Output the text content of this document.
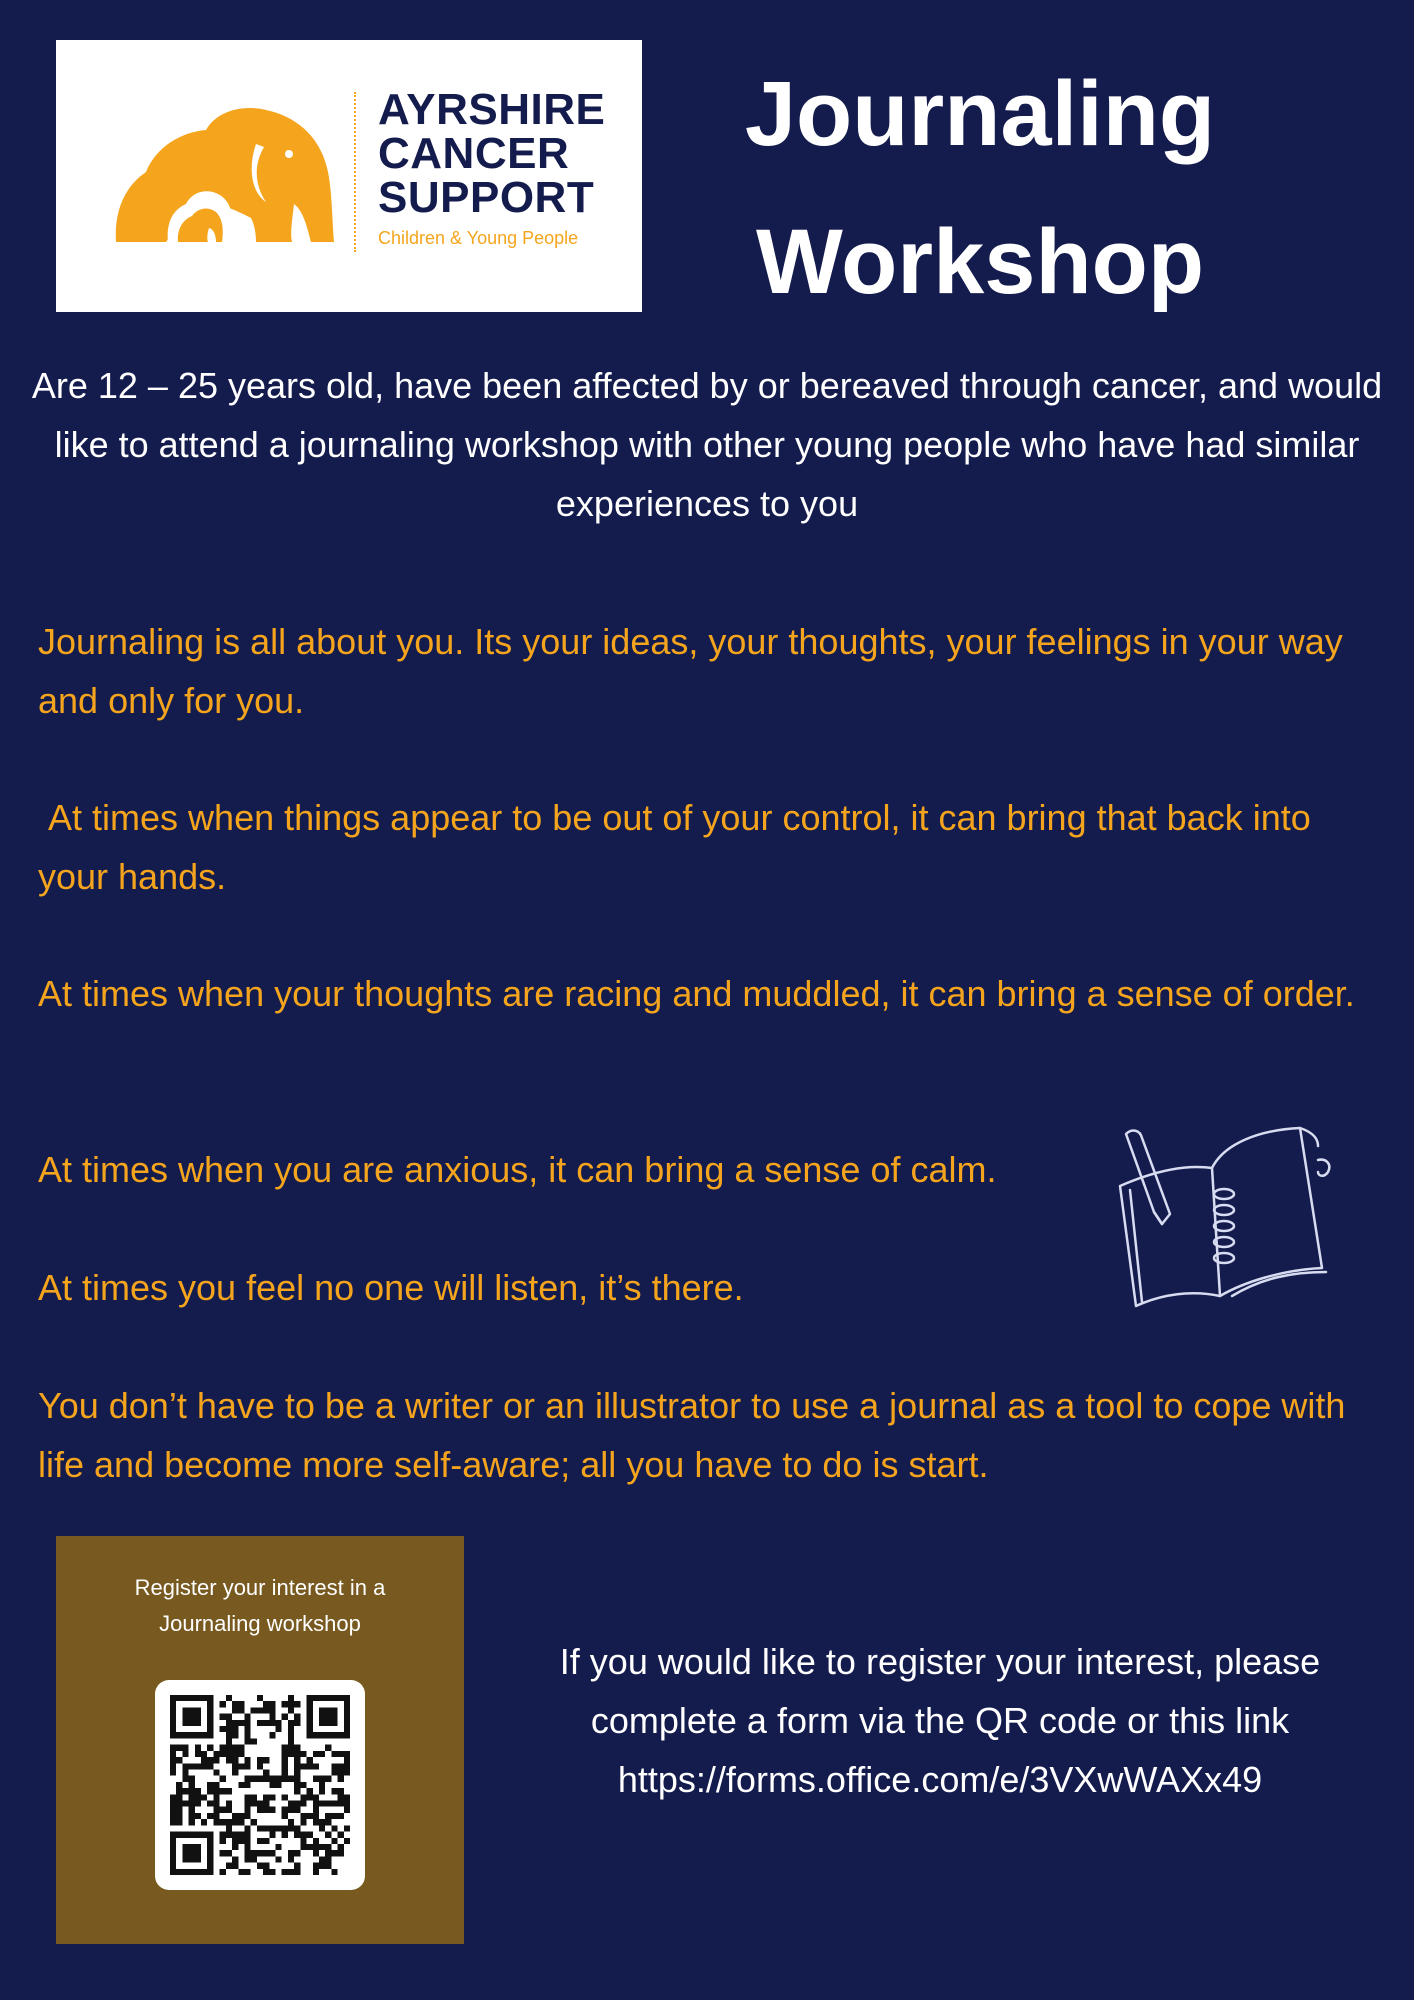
AYRSHIRE
CANCER
SUPPORT
Children & Young People
Journaling
Workshop

Are 12 – 25 years old, have been affected by or bereaved through cancer, and would like to attend a journaling workshop with other young people who have had similar experiences to you

Journaling is all about you. Its your ideas, your thoughts, your feelings in your way and only for you.

At times when things appear to be out of your control, it can bring that back into your hands.

At times when your thoughts are racing and muddled, it can bring a sense of order.

At times when you are anxious, it can bring a sense of calm.

At times you feel no one will listen, it’s there.

You don’t have to be a writer or an illustrator to use a journal as a tool to cope with life and become more self-aware; all you have to do is start.

Register your interest in a
Journaling workshop
If you would like to register your interest, please
complete a form via the QR code or this link
https://forms.office.com/e/3VXwWAXx49
